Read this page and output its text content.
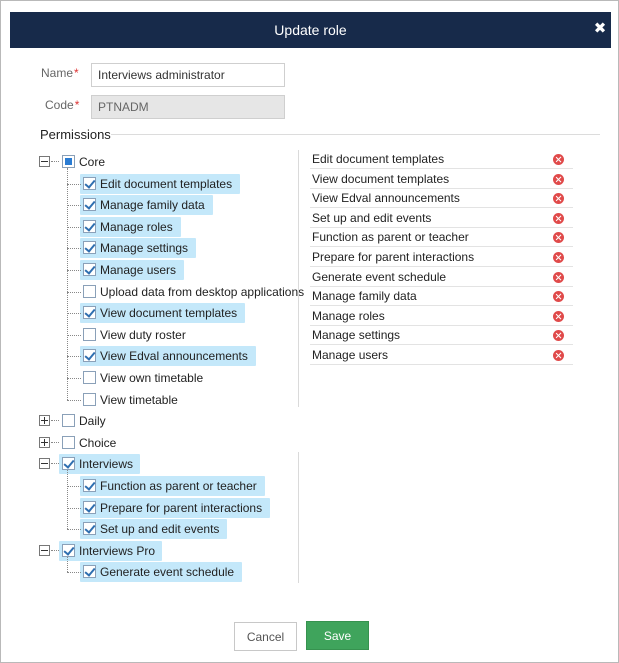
Update role	✖
Name*
Interviews administrator
Code*
PTNADM
Permissions
Core
Edit document templates
Manage family data
Manage roles
Manage settings
Manage users
Upload data from desktop applications
View document templates
View duty roster
View Edval announcements
View own timetable
View timetable
Daily
Choice
Interviews
Function as parent or teacher
Prepare for parent interactions
Set up and edit events
Interviews Pro
Generate event schedule
Edit document templates
View document templates
View Edval announcements
Set up and edit events
Function as parent or teacher
Prepare for parent interactions
Generate event schedule
Manage family data
Manage roles
Manage settings
Manage users
Cancel	Save
